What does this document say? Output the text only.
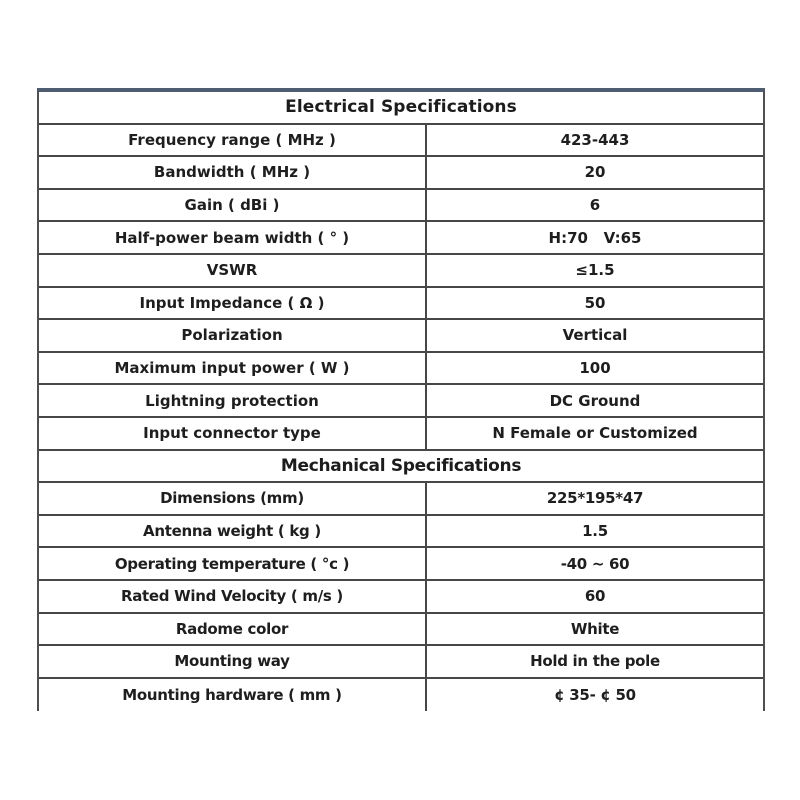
Electrical Specifications
Frequency range ( MHz )	423-443
Bandwidth ( MHz )	20
Gain ( dBi )	6
Half-power beam width ( ° )	H:70   V:65
VSWR	≤1.5
Input Impedance ( Ω )	50
Polarization	Vertical
Maximum input power ( W )	100
Lightning protection	DC Ground
Input connector type	N Female or Customized
Mechanical Specifications
Dimensions (mm)	225*195*47
Antenna weight ( kg )	1.5
Operating temperature ( °c )	-40 ~ 60
Rated Wind Velocity ( m/s )	60
Radome color	White
Mounting way	Hold in the pole
Mounting hardware ( mm )	¢ 35- ¢ 50
